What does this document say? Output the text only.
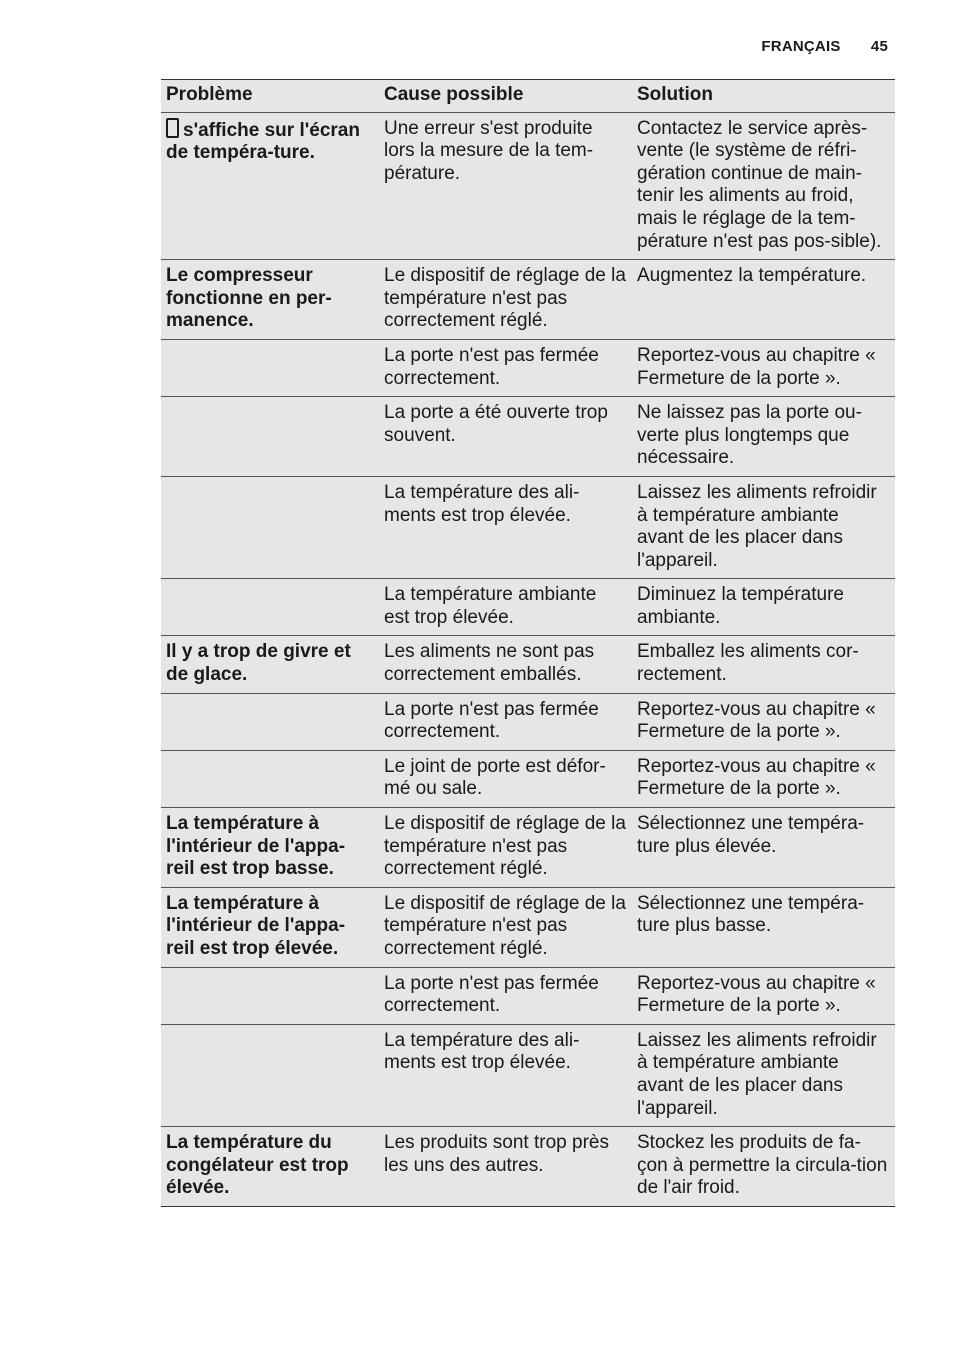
FRANÇAIS 45
Problème	Cause possible	Solution
s'affiche sur l'écran de tempéra-ture.	Une erreur s'est produite lors la mesure de la tem-pérature.	Contactez le service après-vente (le système de réfri-gération continue de main-tenir les aliments au froid, mais le réglage de la tem-pérature n'est pas pos-sible).
Le compresseur fonctionne en per-manence.	Le dispositif de réglage de la température n'est pas correctement réglé.	Augmentez la température.
	La porte n'est pas fermée correctement.	Reportez-vous au chapitre « Fermeture de la porte ».
	La porte a été ouverte trop souvent.	Ne laissez pas la porte ou-verte plus longtemps que nécessaire.
	La température des ali-ments est trop élevée.	Laissez les aliments refroidir à température ambiante avant de les placer dans l'appareil.
	La température ambiante est trop élevée.	Diminuez la température ambiante.
Il y a trop de givre et de glace.	Les aliments ne sont pas correctement emballés.	Emballez les aliments cor-rectement.
	La porte n'est pas fermée correctement.	Reportez-vous au chapitre « Fermeture de la porte ».
	Le joint de porte est défor-mé ou sale.	Reportez-vous au chapitre « Fermeture de la porte ».
La température à l'intérieur de l'appa-reil est trop basse.	Le dispositif de réglage de la température n'est pas correctement réglé.	Sélectionnez une tempéra-ture plus élevée.
La température à l'intérieur de l'appa-reil est trop élevée.	Le dispositif de réglage de la température n'est pas correctement réglé.	Sélectionnez une tempéra-ture plus basse.
	La porte n'est pas fermée correctement.	Reportez-vous au chapitre « Fermeture de la porte ».
	La température des ali-ments est trop élevée.	Laissez les aliments refroidir à température ambiante avant de les placer dans l'appareil.
La température du congélateur est trop élevée.	Les produits sont trop près les uns des autres.	Stockez les produits de fa-çon à permettre la circula-tion de l'air froid.
